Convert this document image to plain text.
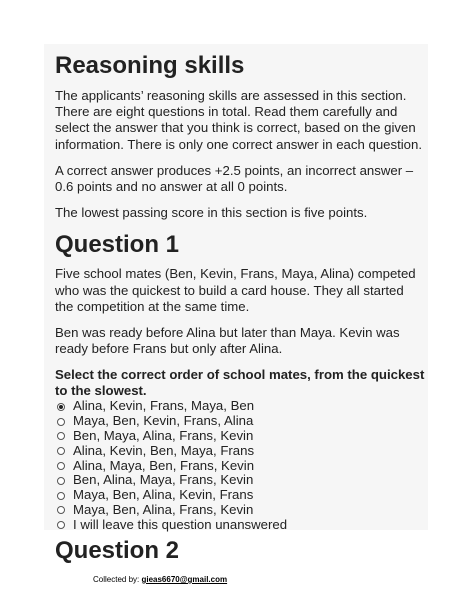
Reasoning skills

The applicants’ reasoning skills are assessed in this section. There are eight questions in total. Read them carefully and select the answer that you think is correct, based on the given information. There is only one correct answer in each question.

A correct answer produces +2.5 points, an incorrect answer –0.6 points and no answer at all 0 points.

The lowest passing score in this section is five points.

Question 1

Five school mates (Ben, Kevin, Frans, Maya, Alina) competed who was the quickest to build a card house. They all started the competition at the same time.

Ben was ready before Alina but later than Maya. Kevin was ready before Frans but only after Alina.

Select the correct order of school mates, from the quickest to the slowest.

Alina, Kevin, Frans, Maya, Ben
Maya, Ben, Kevin, Frans, Alina
Ben, Maya, Alina, Frans, Kevin
Alina, Kevin, Ben, Maya, Frans
Alina, Maya, Ben, Frans, Kevin
Ben, Alina, Maya, Frans, Kevin
Maya, Ben, Alina, Kevin, Frans
Maya, Ben, Alina, Frans, Kevin
I will leave this question unanswered
Question 2
Collected by: gieas6670@gmail.com
